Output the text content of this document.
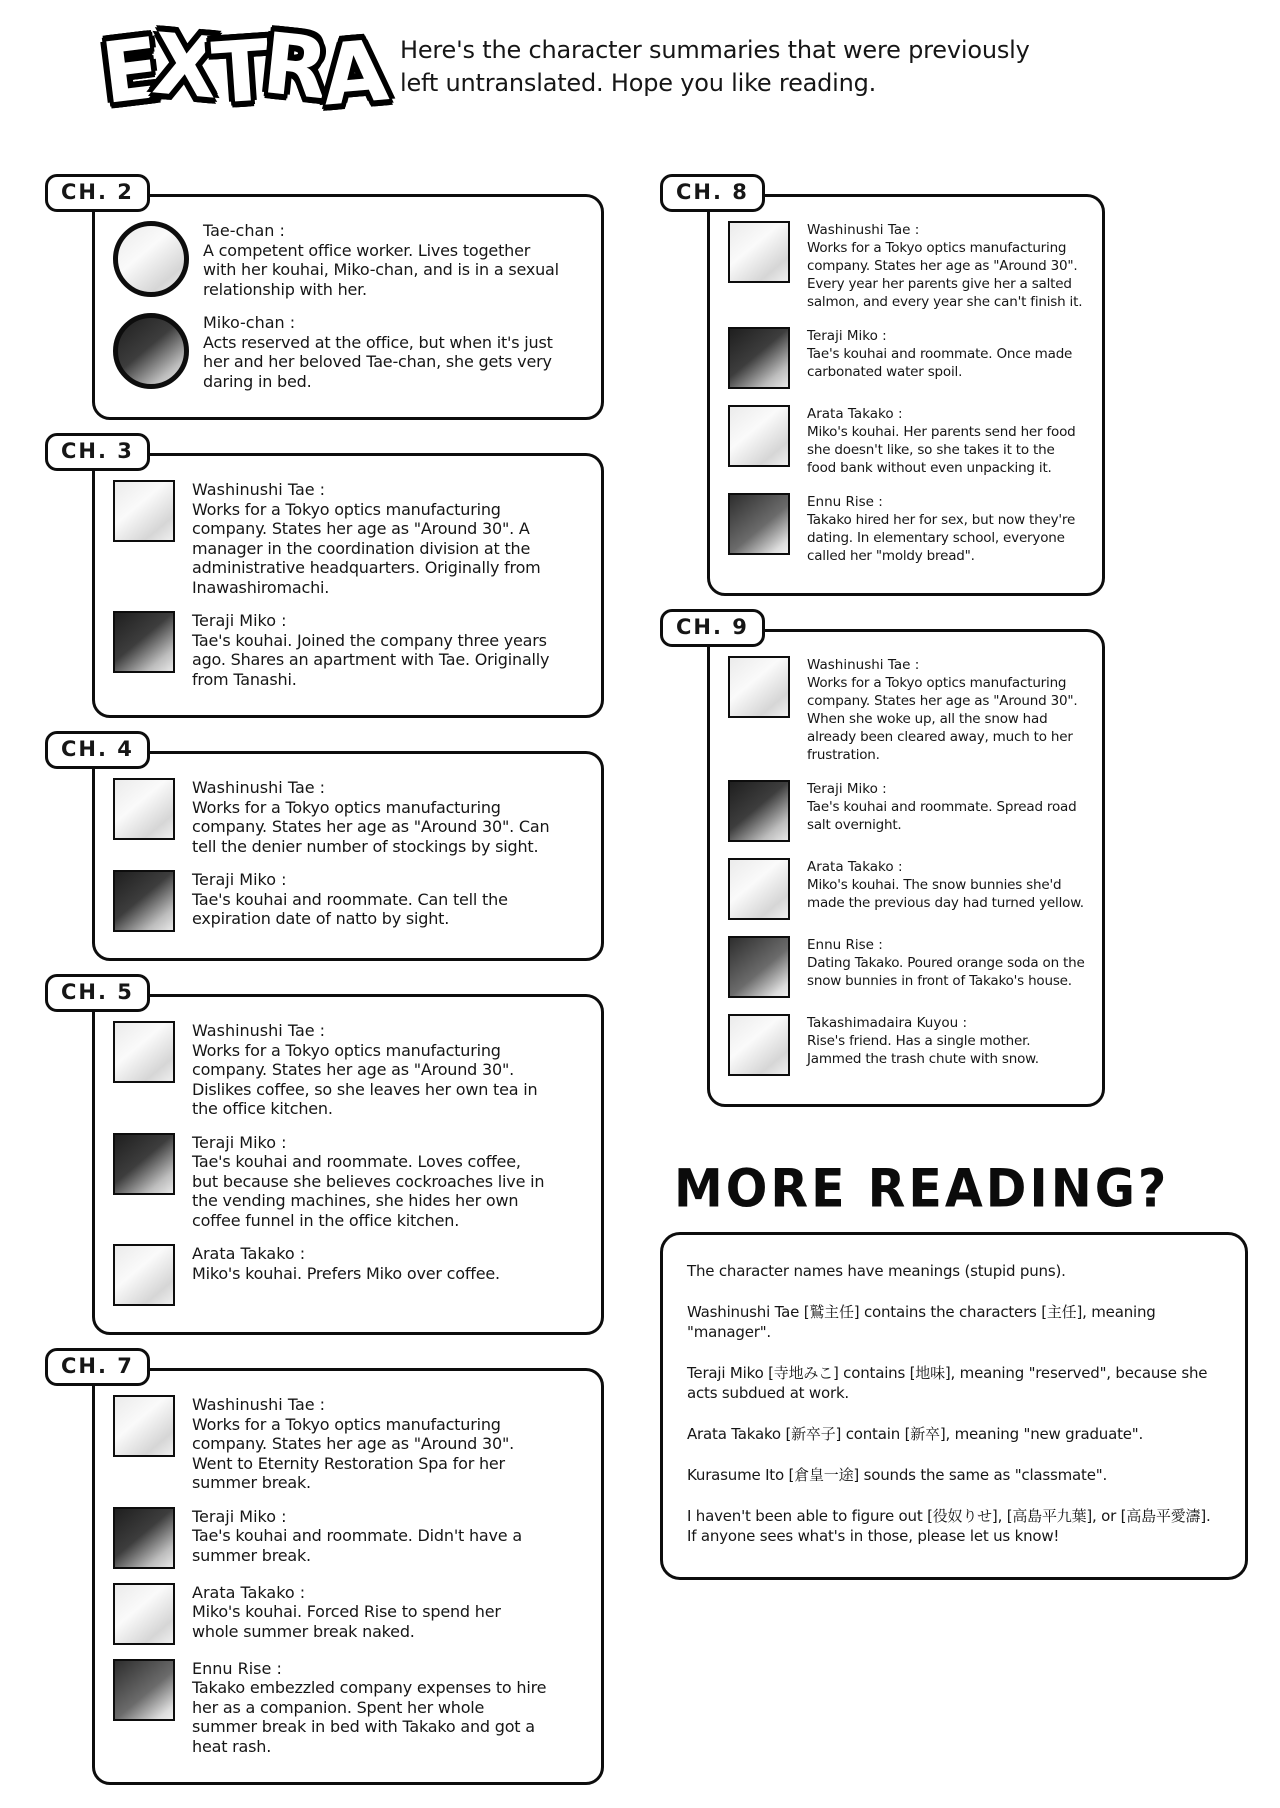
E
X
T
R
A Here's the character summaries that were previously

left untranslated. Hope you like reading.

CH. 2
Tae-chan :
A competent office worker. Lives together with her kouhai, Miko-chan, and is in a sexual relationship with her.
Miko-chan :
Acts reserved at the office, but when it's just her and her beloved Tae-chan, she gets very daring in bed.
CH. 3
Washinushi Tae :
Works for a Tokyo optics manufacturing company. States her age as "Around 30". A manager in the coordination division at the administrative headquarters. Originally from Inawashiromachi.
Teraji Miko :
Tae's kouhai. Joined the company three years ago. Shares an apartment with Tae. Originally from Tanashi.
CH. 4
Washinushi Tae :
Works for a Tokyo optics manufacturing company. States her age as "Around 30". Can tell the denier number of stockings by sight.
Teraji Miko :
Tae's kouhai and roommate. Can tell the expiration date of natto by sight.
CH. 5
Washinushi Tae :
Works for a Tokyo optics manufacturing company. States her age as "Around 30". Dislikes coffee, so she leaves her own tea in the office kitchen.
Teraji Miko :
Tae's kouhai and roommate. Loves coffee, but because she believes cockroaches live in the vending machines, she hides her own coffee funnel in the office kitchen.
Arata Takako :
Miko's kouhai. Prefers Miko over coffee.
CH. 7
Washinushi Tae :
Works for a Tokyo optics manufacturing company. States her age as "Around 30". Went to Eternity Restoration Spa for her summer break.
Teraji Miko :
Tae's kouhai and roommate. Didn't have a summer break.
Arata Takako :
Miko's kouhai. Forced Rise to spend her whole summer break naked.
Ennu Rise :
Takako embezzled company expenses to hire her as a companion. Spent her whole summer break in bed with Takako and got a heat rash.
CH. 8
Washinushi Tae :
Works for a Tokyo optics manufacturing company. States her age as "Around 30". Every year her parents give her a salted salmon, and every year she can't finish it.
Teraji Miko :
Tae's kouhai and roommate. Once made carbonated water spoil.
Arata Takako :
Miko's kouhai. Her parents send her food she doesn't like, so she takes it to the food bank without even unpacking it.
Ennu Rise :
Takako hired her for sex, but now they're dating. In elementary school, everyone called her "moldy bread".
CH. 9
Washinushi Tae :
Works for a Tokyo optics manufacturing company. States her age as "Around 30". When she woke up, all the snow had already been cleared away, much to her frustration.
Teraji Miko :
Tae's kouhai and roommate. Spread road salt overnight.
Arata Takako :
Miko's kouhai. The snow bunnies she'd made the previous day had turned yellow.
Ennu Rise :
Dating Takako. Poured orange soda on the snow bunnies in front of Takako's house.
Takashimadaira Kuyou :
Rise's friend. Has a single mother. Jammed the trash chute with snow.
MORE READING?

The character names have meanings (stupid puns).

Washinushi Tae [鷲主任] contains the characters [主任], meaning "manager".

Teraji Miko [寺地みこ] contains [地味], meaning "reserved", because she acts subdued at work.

Arata Takako [新卒子] contain [新卒], meaning "new graduate".

Kurasume Ito [倉皇一途] sounds the same as "classmate".

I haven't been able to figure out [役奴りせ], [高島平九葉], or [高島平愛濤]. If anyone sees what's in those, please let us know!
